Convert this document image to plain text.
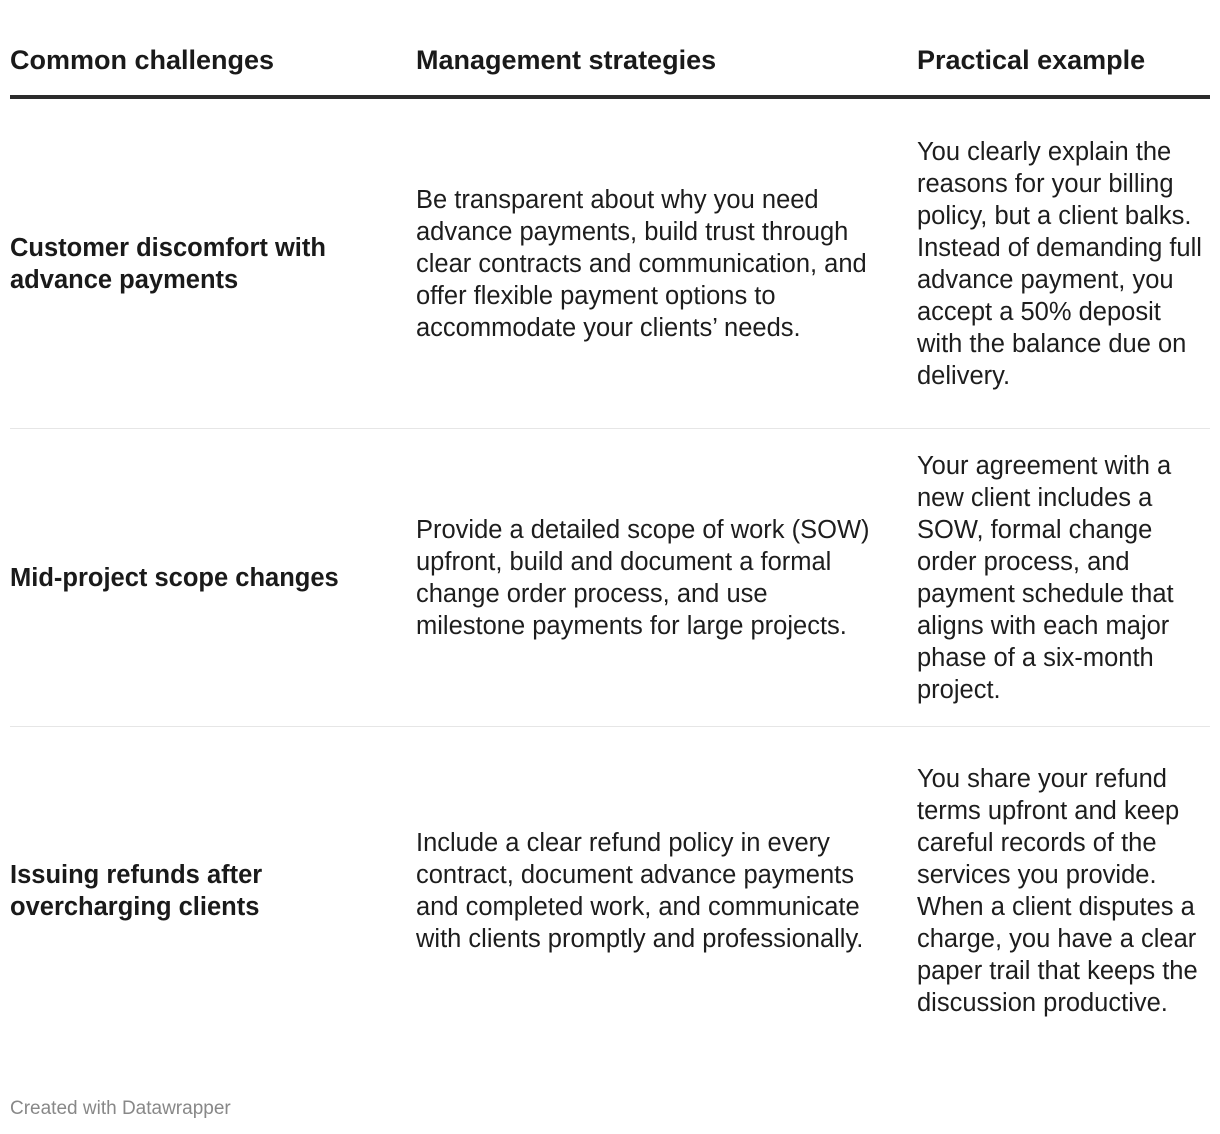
Common challenges	Management strategies	Practical example
Customer discomfort with advance payments
Be transparent about why you need advance payments, build trust through clear contracts and communication, and offer flexible payment options to accommodate your clients’ needs.
You clearly explain the reasons for your billing policy, but a client balks. Instead of demanding full advance payment, you accept a 50% deposit with the balance due on delivery.
Mid-project scope changes
Provide a detailed scope of work (SOW) upfront, build and document a formal change order process, and use milestone payments for large projects.
Your agreement with a new client includes a SOW, formal change order process, and payment schedule that aligns with each major phase of a six-month project.
Issuing refunds after overcharging clients
Include a clear refund policy in every contract, document advance payments and completed work, and communicate with clients promptly and professionally.
You share your refund terms upfront and keep careful records of the services you provide. When a client disputes a charge, you have a clear paper trail that keeps the discussion productive.
Created with Datawrapper
